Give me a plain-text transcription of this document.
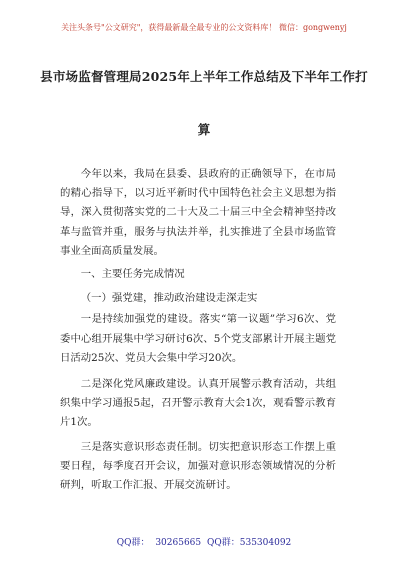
关注头条号"公文研究"，获得最新最全最专业的公文资料库！ 微信：gongwenyj
县市场监督管理局2025年上半年工作总结及下半年工作打
算

今年以来，我局在县委、县政府的正确领导下，在市局的精心指导下，以习近平新时代中国特色社会主义思想为指导，深入贯彻落实党的二十大及二十届三中全会精神坚持改革与监管并重，服务与执法并举，扎实推进了全县市场监管事业全面高质量发展。

一、主要任务完成情况

（一）强党建，推动政治建设走深走实

一是持续加强党的建设。落实“第一议题”学习6次、党委中心组开展集中学习研讨6次、5个党支部累计开展主题党日活动25次、党员大会集中学习20次。

二是深化党风廉政建设。认真开展警示教育活动，共组织集中学习通报5起，召开警示教育大会1次，观看警示教育片1次。

三是落实意识形态责任制。切实把意识形态工作摆上重要日程，每季度召开会议，加强对意识形态领域情况的分析研判，听取工作汇报、开展交流研讨。

QQ群： 30265665 QQ群：535304092
